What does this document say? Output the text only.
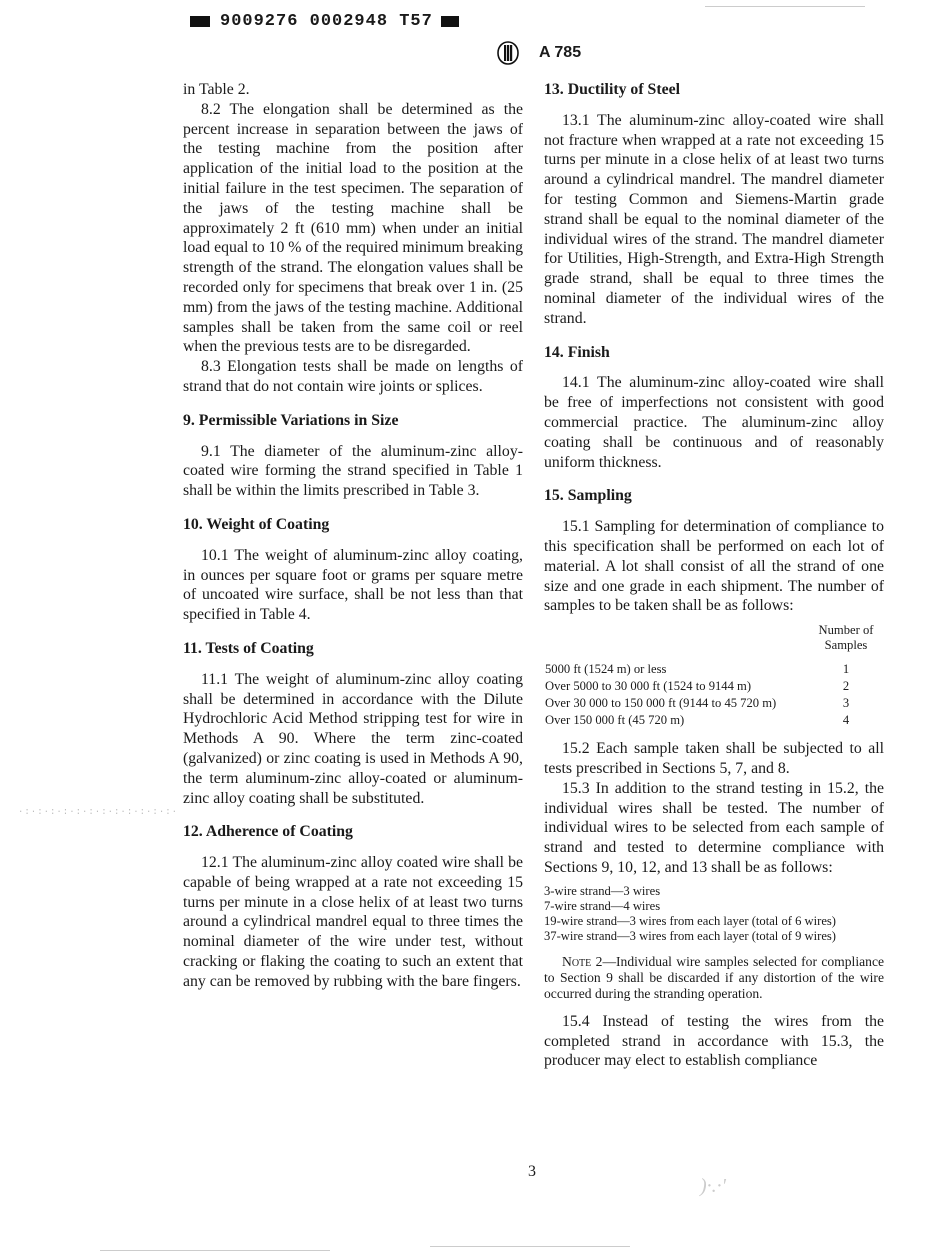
9009276 0002948 T57
A 785

in Table 2.

8.2 The elongation shall be determined as the percent increase in separation between the jaws of the testing machine from the position after application of the initial load to the position at the initial failure in the test specimen. The separation of the jaws of the testing machine shall be approximately 2 ft (610 mm) when under an initial load equal to 10 % of the required minimum breaking strength of the strand. The elongation values shall be recorded only for specimens that break over 1 in. (25 mm) from the jaws of the testing machine. Additional samples shall be taken from the same coil or reel when the previous tests are to be disregarded.

8.3 Elongation tests shall be made on lengths of strand that do not contain wire joints or splices.

9. Permissible Variations in Size

9.1 The diameter of the aluminum-zinc alloy-coated wire forming the strand specified in Table 1 shall be within the limits prescribed in Table 3.

10. Weight of Coating

10.1 The weight of aluminum-zinc alloy coating, in ounces per square foot or grams per square metre of uncoated wire surface, shall be not less than that specified in Table 4.

11. Tests of Coating

11.1 The weight of aluminum-zinc alloy coating shall be determined in accordance with the Dilute Hydrochloric Acid Method stripping test for wire in Methods A 90. Where the term zinc-coated (galvanized) or zinc coating is used in Methods A 90, the term aluminum-zinc alloy-coated or aluminum-zinc alloy coating shall be substituted.

12. Adherence of Coating

12.1 The aluminum-zinc alloy coated wire shall be capable of being wrapped at a rate not exceeding 15 turns per minute in a close helix of at least two turns around a cylindrical mandrel equal to three times the nominal diameter of the wire under test, without cracking or flaking the coating to such an extent that any can be removed by rubbing with the bare fingers.

13. Ductility of Steel

13.1 The aluminum-zinc alloy-coated wire shall not fracture when wrapped at a rate not exceeding 15 turns per minute in a close helix of at least two turns around a cylindrical mandrel. The mandrel diameter for testing Common and Siemens-Martin grade strand shall be equal to the nominal diameter of the individual wires of the strand. The mandrel diameter for Utilities, High-Strength, and Extra-High Strength grade strand, shall be equal to three times the nominal diameter of the individual wires of the strand.

14. Finish

14.1 The aluminum-zinc alloy-coated wire shall be free of imperfections not consistent with good commercial practice. The aluminum-zinc alloy coating shall be continuous and of reasonably uniform thickness.

15. Sampling

15.1 Sampling for determination of compliance to this specification shall be performed on each lot of material. A lot shall consist of all the strand of one size and one grade in each shipment. The number of samples to be taken shall be as follows:

	Number of Samples
5000 ft (1524 m) or less	1
Over 5000 to 30 000 ft (1524 to 9144 m)	2
Over 30 000 to 150 000 ft (9144 to 45 720 m)	3
Over 150 000 ft (45 720 m)	4

15.2 Each sample taken shall be subjected to all tests prescribed in Sections 5, 7, and 8.

15.3 In addition to the strand testing in 15.2, the individual wires shall be tested. The number of individual wires to be selected from each sample of strand and tested to determine compliance with Sections 9, 10, 12, and 13 shall be as follows:

3-wire strand—3 wires
7-wire strand—4 wires
19-wire strand—3 wires from each layer (total of 6 wires)
37-wire strand—3 wires from each layer (total of 9 wires)

Note 2—Individual wire samples selected for compliance to Section 9 shall be discarded if any distortion of the wire occurred during the stranding operation.

15.4 Instead of testing the wires from the completed strand in accordance with 15.3, the producer may elect to establish compliance

3
·:·:·:·:·:·:·:·:·:·:·:·:·
)·.·'
